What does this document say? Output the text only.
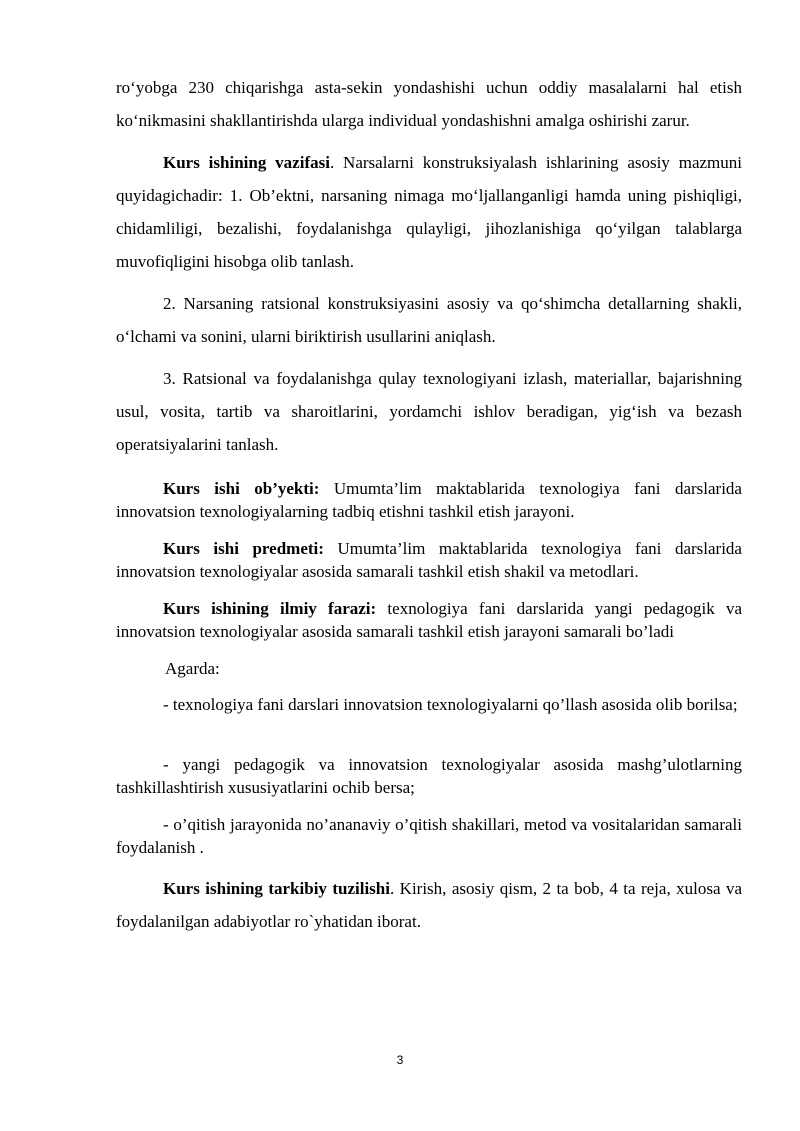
ro‘yobga 230 chiqarishga asta-sekin yondashishi uchun oddiy masalalarni hal etish ko‘nikmasini shakllantirishda ularga individual yondashishni amalga oshirishi zarur.

Kurs ishining vazifasi. Narsalarni konstruksiyalash ishlarining asosiy mazmuni quyidagichadir: 1. Ob’ektni, narsaning nimaga mo‘ljallanganligi hamda uning pishiqligi, chidamliligi, bezalishi, foydalanishga qulayligi, jihozlanishiga qo‘yilgan talablarga muvofiqligini hisobga olib tanlash.

2. Narsaning ratsional konstruksiyasini asosiy va qo‘shimcha detallarning shakli, o‘lchami va sonini, ularni biriktirish usullarini aniqlash.

3. Ratsional va foydalanishga qulay texnologiyani izlash, materiallar, bajarishning usul, vosita, tartib va sharoitlarini, yordamchi ishlov beradigan, yig‘ish va bezash operatsiyalarini tanlash.

Kurs ishi ob’yekti: Umumta’lim maktablarida texnologiya fani darslarida innovatsion texnologiyalarning tadbiq etishni tashkil etish jarayoni.

Kurs ishi predmeti: Umumta’lim maktablarida texnologiya fani darslarida innovatsion texnologiyalar asosida samarali tashkil etish shakil va metodlari.

Kurs ishining ilmiy farazi: texnologiya fani darslarida yangi pedagogik va innovatsion texnologiyalar asosida samarali tashkil etish jarayoni samarali bo’ladi

Agarda:

- texnologiya fani darslari innovatsion texnologiyalarni qo’llash asosida olib borilsa;

- yangi pedagogik va innovatsion texnologiyalar asosida mashg’ulotlarning tashkillashtirish xususiyatlarini ochib bersa;

- o’qitish jarayonida no’ananaviy o’qitish shakillari, metod va vositalaridan samarali foydalanish .

Kurs ishining tarkibiy tuzilishi. Kirish, asosiy qism, 2 ta bob, 4 ta reja, xulosa va foydalanilgan adabiyotlar ro`yhatidan iborat.

3
